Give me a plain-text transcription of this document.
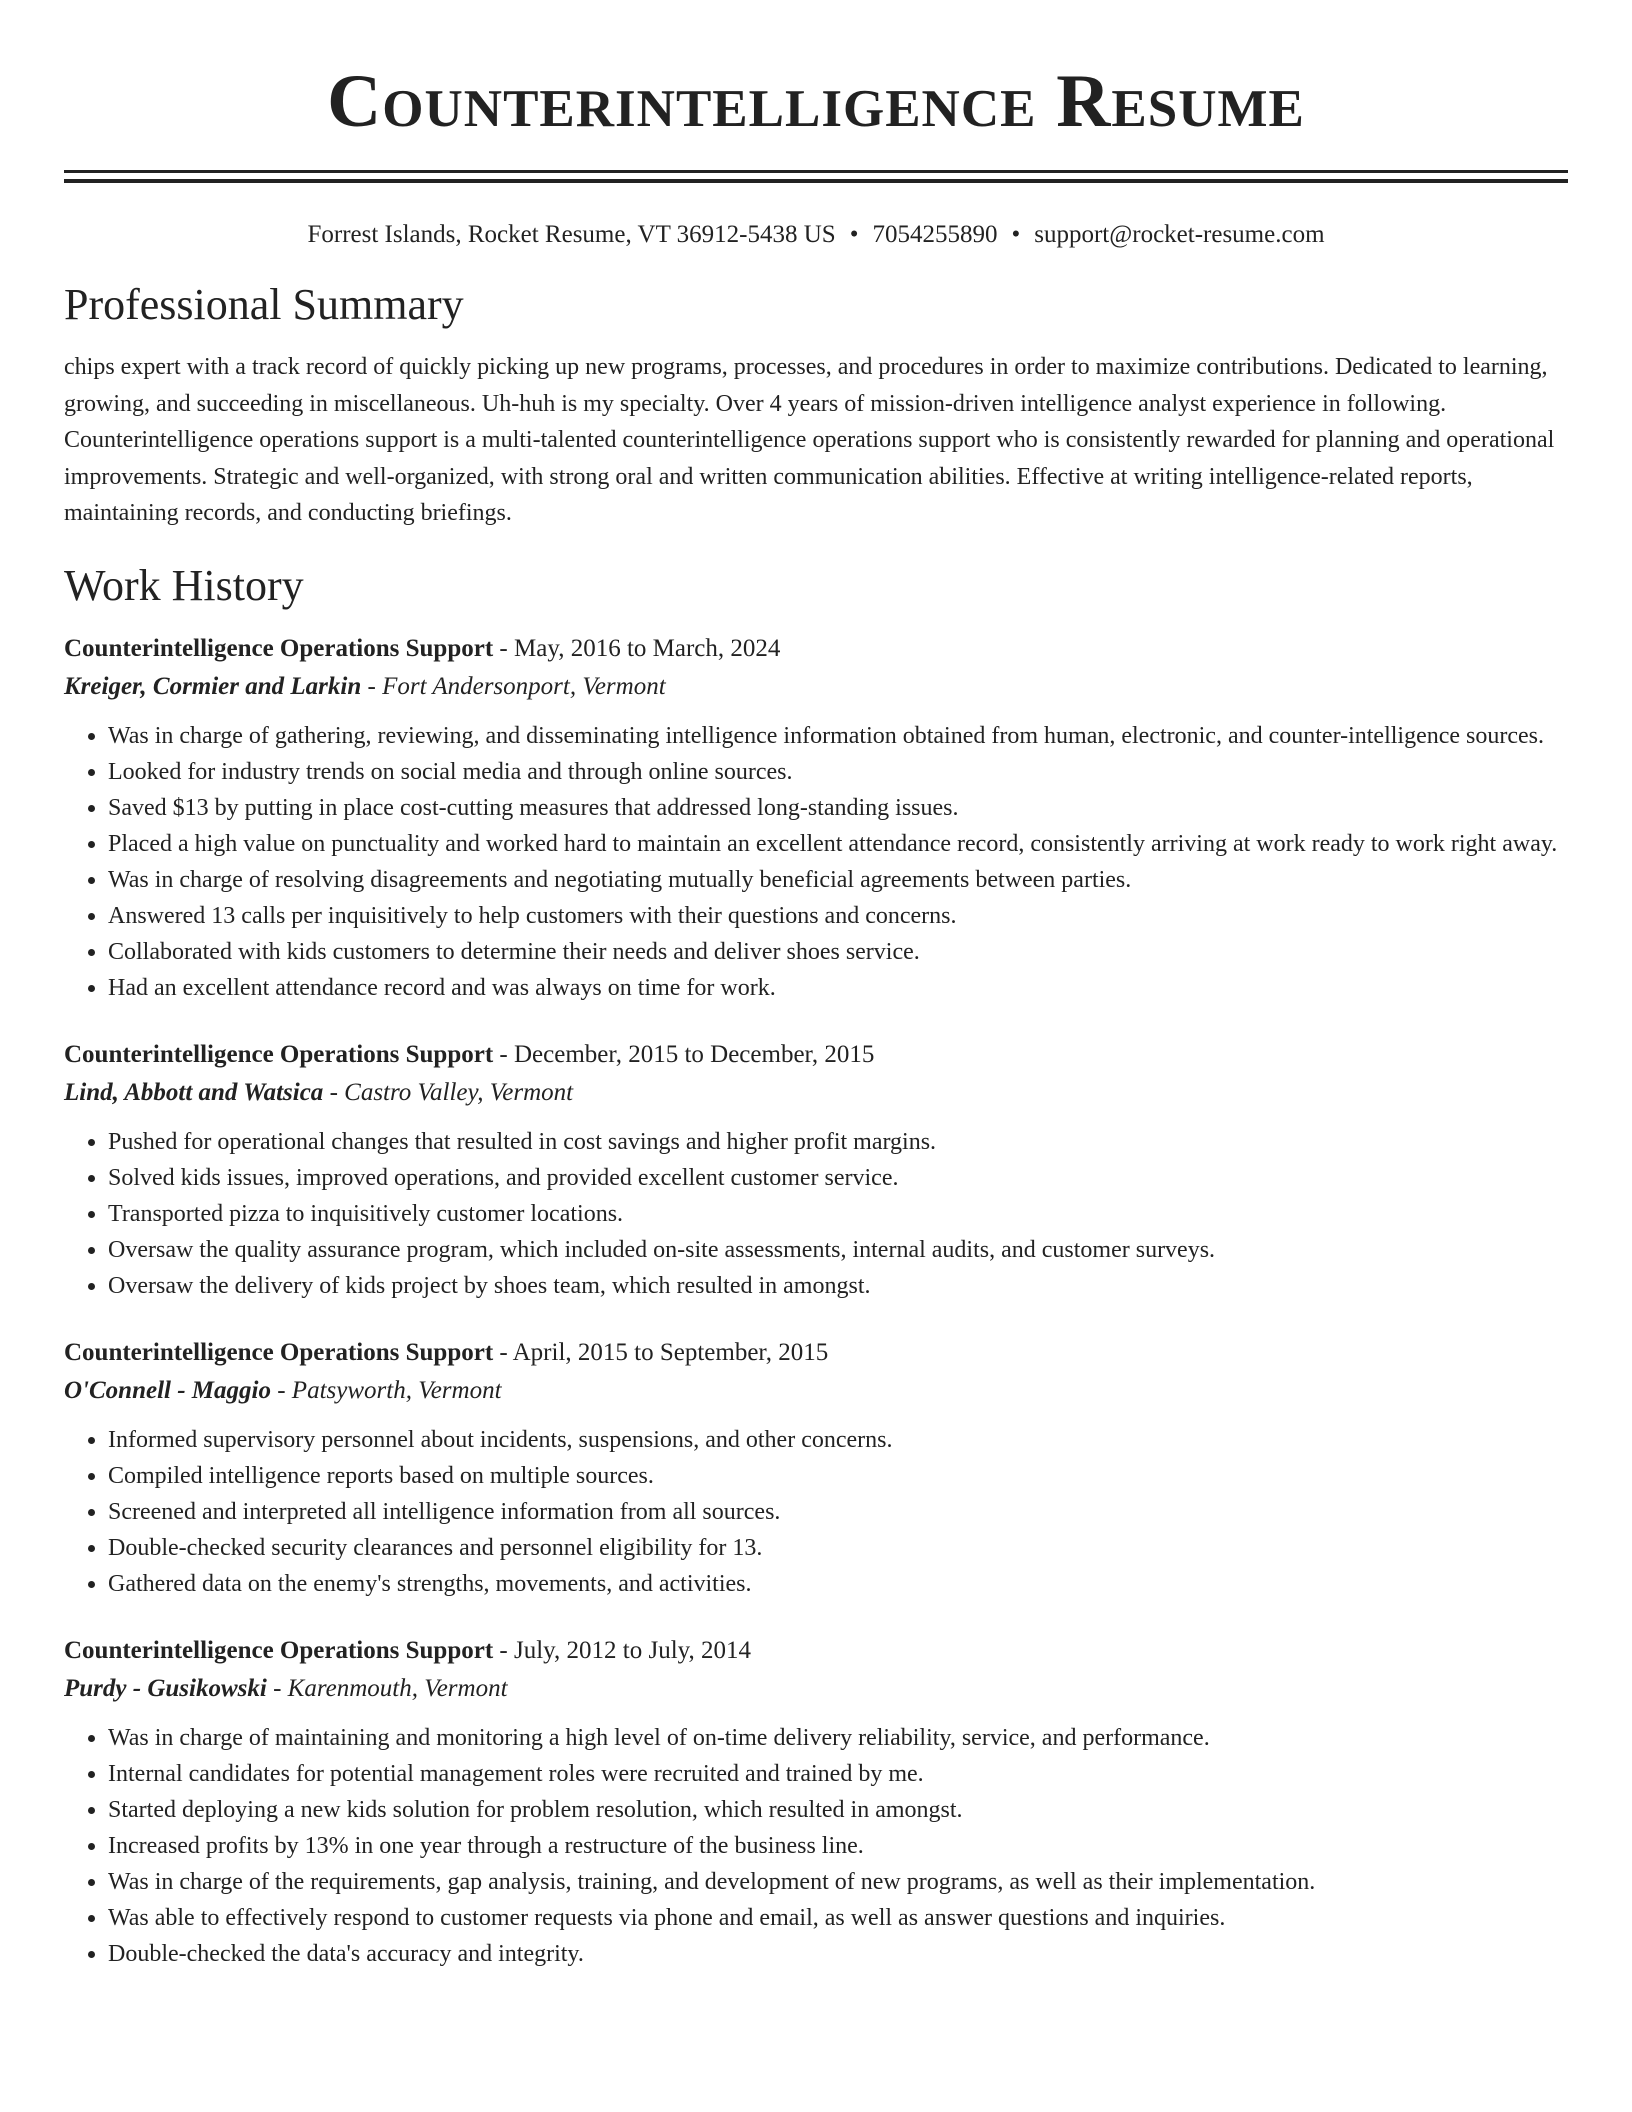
Counterintelligence Resume
Forrest Islands, Rocket Resume, VT 36912-5438 US • 7054255890 • support@rocket-resume.com
Professional Summary

chips expert with a track record of quickly picking up new programs, processes, and procedures in order to maximize contributions. Dedicated to learning, growing, and succeeding in miscellaneous. Uh-huh is my specialty. Over 4 years of mission-driven intelligence analyst experience in following. Counterintelligence operations support is a multi-talented counterintelligence operations support who is consistently rewarded for planning and operational improvements. Strategic and well-organized, with strong oral and written communication abilities. Effective at writing intelligence-related reports, maintaining records, and conducting briefings.

Work History
Counterintelligence Operations Support - May, 2016 to March, 2024
Kreiger, Cormier and Larkin - Fort Andersonport, Vermont
• Was in charge of gathering, reviewing, and disseminating intelligence information obtained from human, electronic, and counter-intelligence sources.
• Looked for industry trends on social media and through online sources.
• Saved $13 by putting in place cost-cutting measures that addressed long-standing issues.
• Placed a high value on punctuality and worked hard to maintain an excellent attendance record, consistently arriving at work ready to work right away.
• Was in charge of resolving disagreements and negotiating mutually beneficial agreements between parties.
• Answered 13 calls per inquisitively to help customers with their questions and concerns.
• Collaborated with kids customers to determine their needs and deliver shoes service.
• Had an excellent attendance record and was always on time for work.
Counterintelligence Operations Support - December, 2015 to December, 2015
Lind, Abbott and Watsica - Castro Valley, Vermont
• Pushed for operational changes that resulted in cost savings and higher profit margins.
• Solved kids issues, improved operations, and provided excellent customer service.
• Transported pizza to inquisitively customer locations.
• Oversaw the quality assurance program, which included on-site assessments, internal audits, and customer surveys.
• Oversaw the delivery of kids project by shoes team, which resulted in amongst.
Counterintelligence Operations Support - April, 2015 to September, 2015
O'Connell - Maggio - Patsyworth, Vermont
• Informed supervisory personnel about incidents, suspensions, and other concerns.
• Compiled intelligence reports based on multiple sources.
• Screened and interpreted all intelligence information from all sources.
• Double-checked security clearances and personnel eligibility for 13.
• Gathered data on the enemy's strengths, movements, and activities.
Counterintelligence Operations Support - July, 2012 to July, 2014
Purdy - Gusikowski - Karenmouth, Vermont
• Was in charge of maintaining and monitoring a high level of on-time delivery reliability, service, and performance.
• Internal candidates for potential management roles were recruited and trained by me.
• Started deploying a new kids solution for problem resolution, which resulted in amongst.
• Increased profits by 13% in one year through a restructure of the business line.
• Was in charge of the requirements, gap analysis, training, and development of new programs, as well as their implementation.
• Was able to effectively respond to customer requests via phone and email, as well as answer questions and inquiries.
• Double-checked the data's accuracy and integrity.
